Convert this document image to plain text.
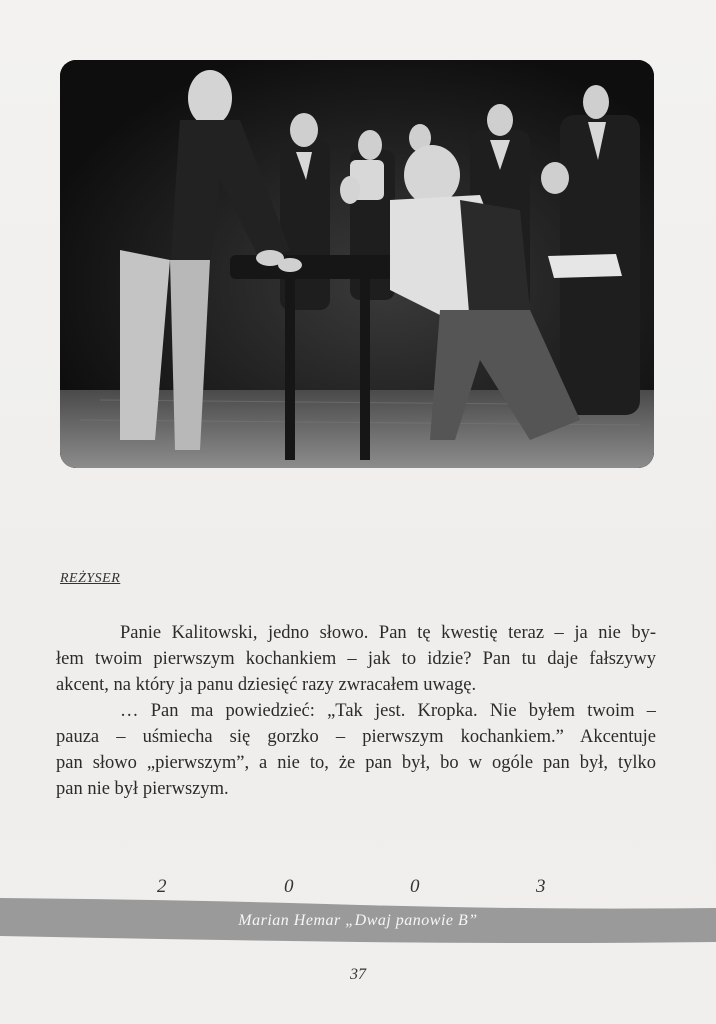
REŻYSER
Panie Kalitowski, jedno słowo. Pan tę kwestię teraz – ja nie by-
łem twoim pierwszym kochankiem – jak to idzie? Pan tu daje fałszywy
akcent, na który ja panu dziesięć razy zwracałem uwagę.
… Pan ma powiedzieć: „Tak jest. Kropka. Nie byłem twoim –
pauza – uśmiecha się gorzko – pierwszym kochankiem.” Akcentuje
pan słowo „pierwszym”, a nie to, że pan był, bo w ogóle pan był, tylko
pan nie był pierwszym.
2	0	0	3
Marian Hemar „Dwaj panowie B”
37
